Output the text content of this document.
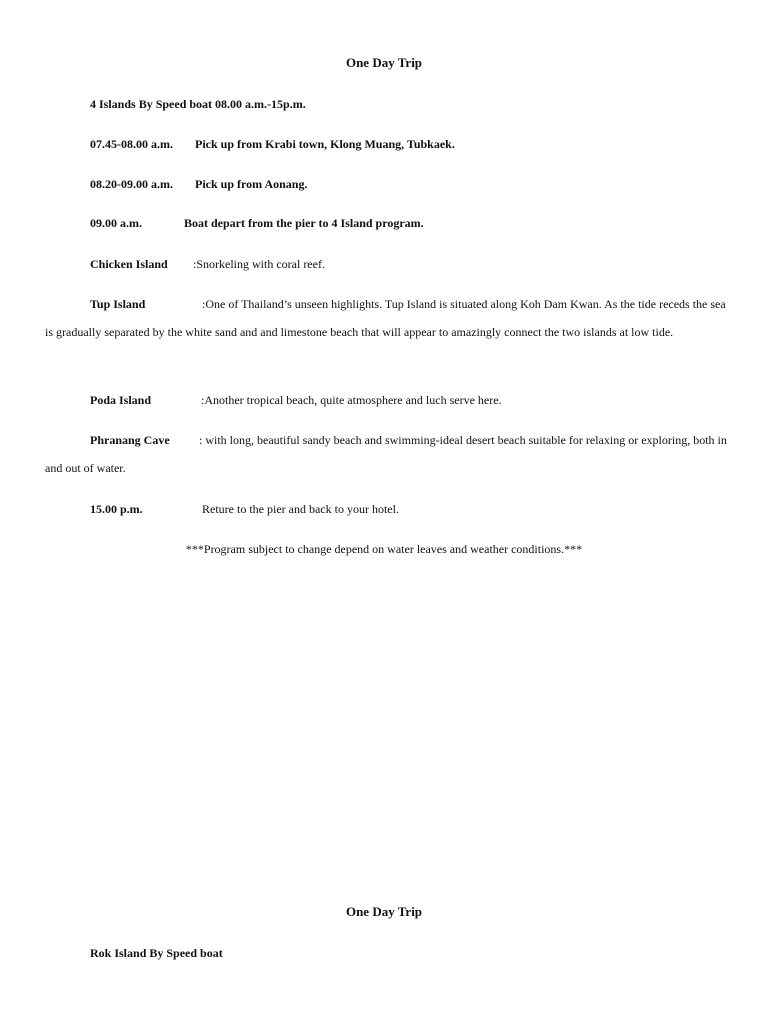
One Day Trip
4 Islands By Speed boat 08.00 a.m.-15p.m.
07.45-08.00 a.m. Pick up from Krabi town, Klong Muang, Tubkaek.
08.20-09.00 a.m. Pick up from Aonang.
09.00 a.m.	Boat depart from the pier to 4 Island program.
Chicken Island :Snorkeling with coral reef.
Tup Island	:One of Thailand’s unseen highlights. Tup Island is situated along Koh Dam Kwan. As the tide receds the sea is gradually separated by the white sand and and limestone beach that will appear to amazingly connect the two islands at low tide.
Poda Island	:Another tropical beach, quite atmosphere and luch serve here.
Phranang Cave : with long, beautiful sandy beach and swimming-ideal desert beach suitable for relaxing or exploring, both in and out of water.
15.00 p.m.	Reture to the pier and back to your hotel.
***Program subject to change depend on water leaves and weather conditions.***
One Day Trip
Rok Island By Speed boat
